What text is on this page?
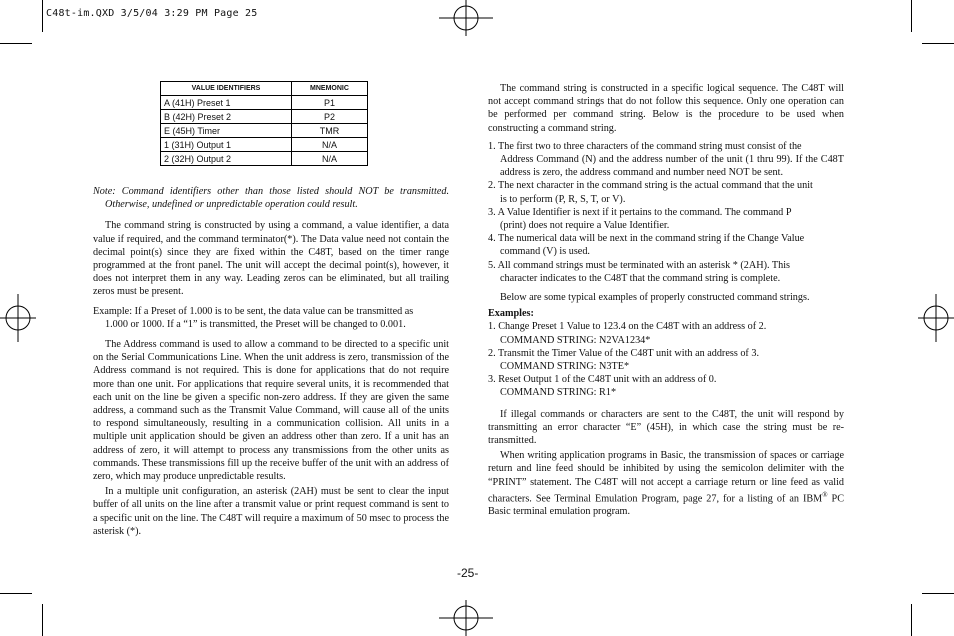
C48t-im.QXD 3/5/04 3:29 PM Page 25
VALUE IDENTIFIERS	MNEMONIC
A (41H) Preset 1	P1
B (42H) Preset 2	P2
E (45H) Timer	TMR
1 (31H) Output 1	N/A
2 (32H) Output 2	N/A

Note: Command identifiers other than those listed should NOT be transmitted. Otherwise, undefined or unpredictable operation could result.

The command string is constructed by using a command, a value identifier, a data value if required, and the command terminator(*). The Data value need not contain the decimal point(s) since they are fixed within the C48T, based on the timer range programmed at the front panel. The unit will accept the decimal point(s), however, it does not interpret them in any way. Leading zeros can be eliminated, but all trailing zeros must be present.

Example: If a Preset of 1.000 is to be sent, the data value can be transmitted as
1.000 or 1000. If a “1” is transmitted, the Preset will be changed to 0.001.

The Address command is used to allow a command to be directed to a specific unit on the Serial Communications Line. When the unit address is zero, transmission of the Address command is not required. This is done for applications that do not require more than one unit. For applications that require several units, it is recommended that each unit on the line be given a specific non-zero address. If they are given the same address, a command such as the Transmit Value Command, will cause all of the units to respond simultaneously, resulting in a communication collision. All units in a multiple unit application should be given an address other than zero. If a unit has an address of zero, it will attempt to process any transmissions from the other units as commands. These transmissions fill up the receive buffer of the unit with an address of zero, which may produce unpredictable results.

In a multiple unit configuration, an asterisk (2AH) must be sent to clear the input buffer of all units on the line after a transmit value or print request command is sent to a specific unit on the line. The C48T will require a maximum of 50 msec to process the asterisk (*).

The command string is constructed in a specific logical sequence. The C48T will not accept command strings that do not follow this sequence. Only one operation can be performed per command string. Below is the procedure to be used when constructing a command string.

1. The first two to three characters of the command string must consist of the
Address Command (N) and the address number of the unit (1 thru 99). If the C48T address is zero, the address command and number need NOT be sent.

2. The next character in the command string is the actual command that the unit
is to perform (P, R, S, T, or V).

3. A Value Identifier is next if it pertains to the command. The command P
(print) does not require a Value Identifier.

4. The numerical data will be next in the command string if the Change Value
command (V) is used.

5. All command strings must be terminated with an asterisk * (2AH). This
character indicates to the C48T that the command string is complete.

Below are some typical examples of properly constructed command strings.

Examples:

1. Change Preset 1 Value to 123.4 on the C48T with an address of 2.
COMMAND STRING: N2VA1234*

2. Transmit the Timer Value of the C48T unit with an address of 3.
COMMAND STRING: N3TE*

3. Reset Output 1 of the C48T unit with an address of 0.
COMMAND STRING: R1*

If illegal commands or characters are sent to the C48T, the unit will respond by transmitting an error character “E” (45H), in which case the string must be re-transmitted.

When writing application programs in Basic, the transmission of spaces or carriage return and line feed should be inhibited by using the semicolon delimiter with the “PRINT” statement. The C48T will not accept a carriage return or line feed as valid characters. See Terminal Emulation Program, page 27, for a listing of an IBM® PC Basic terminal emulation program.

-25-
